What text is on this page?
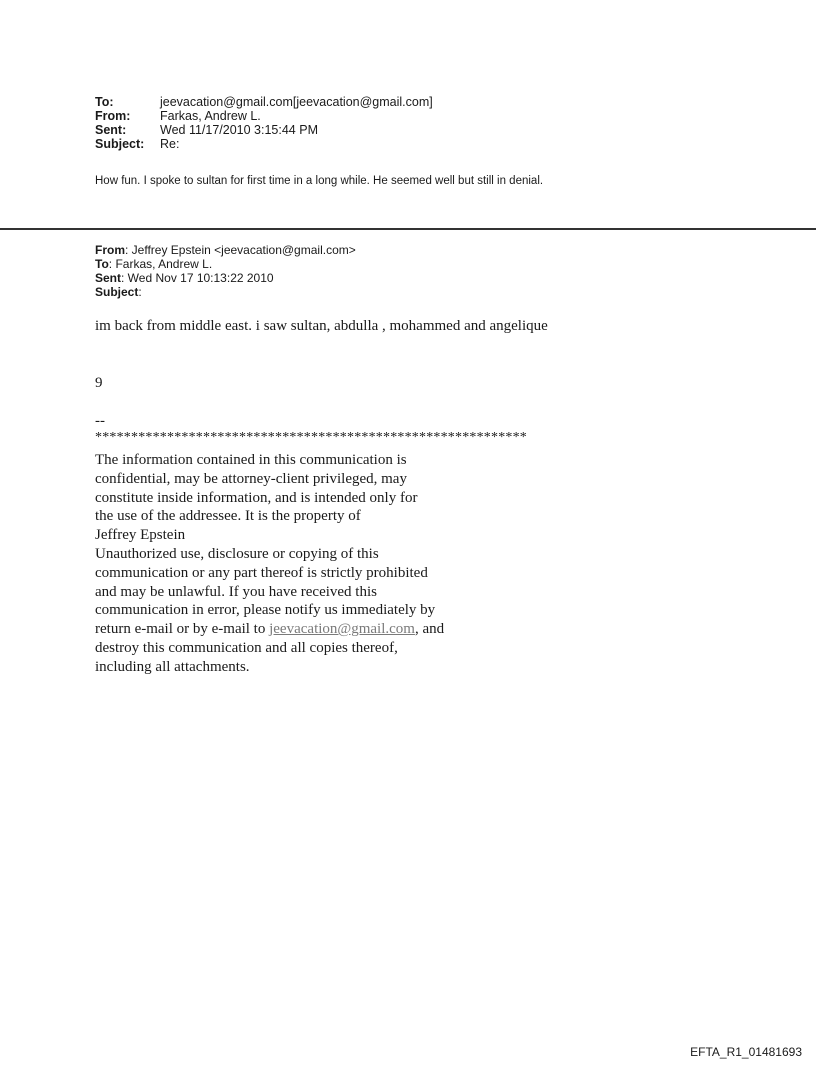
To:	jeevacation@gmail.com[jeevacation@gmail.com]
From:	Farkas, Andrew L.
Sent:	Wed 11/17/2010 3:15:44 PM
Subject:	Re:
How fun. I spoke to sultan for first time in a long while. He seemed well but still in denial.
From: Jeffrey Epstein <jeevacation@gmail.com>
To: Farkas, Andrew L.
Sent: Wed Nov 17 10:13:22 2010
Subject:
im back from middle east. i saw sultan, abdulla , mohammed and angelique
9
--
************************************************************

The information contained in this communication is

confidential, may be attorney-client privileged, may

constitute inside information, and is intended only for

the use of the addressee. It is the property of

Jeffrey Epstein

Unauthorized use, disclosure or copying of this

communication or any part thereof is strictly prohibited

and may be unlawful. If you have received this

communication in error, please notify us immediately by

return e-mail or by e-mail to jeevacation@gmail.com, and

destroy this communication and all copies thereof,

including all attachments.

EFTA_R1_01481693
